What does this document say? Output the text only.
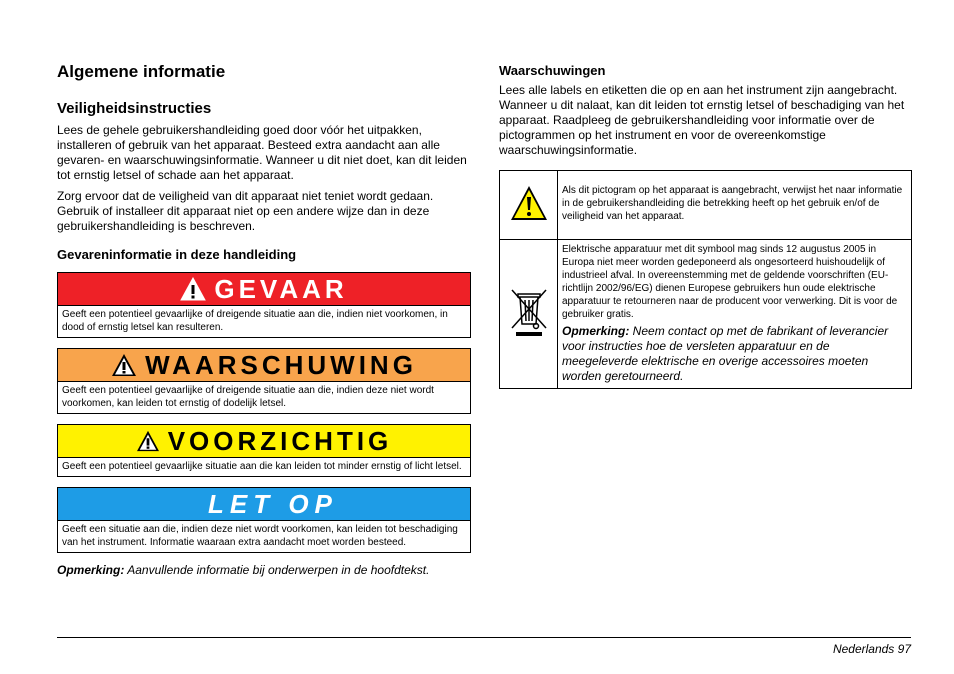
Algemene informatie
Veiligheidsinstructies

Lees de gehele gebruikershandleiding goed door vóór het uitpakken, installeren of gebruik van het apparaat. Besteed extra aandacht aan alle gevaren- en waarschuwingsinformatie. Wanneer u dit niet doet, kan dit leiden tot ernstig letsel of schade aan het apparaat.

Zorg ervoor dat de veiligheid van dit apparaat niet teniet wordt gedaan. Gebruik of installeer dit apparaat niet op een andere wijze dan in deze gebruikershandleiding is beschreven.

Gevareninformatie in deze handleiding
GEVAAR
Geeft een potentieel gevaarlijke of dreigende situatie aan die, indien niet voorkomen, in dood of ernstig letsel kan resulteren.
WAARSCHUWING
Geeft een potentieel gevaarlijke of dreigende situatie aan die, indien deze niet wordt voorkomen, kan leiden tot ernstig of dodelijk letsel.
VOORZICHTIG
Geeft een potentieel gevaarlijke situatie aan die kan leiden tot minder ernstig of licht letsel.
LET OP
Geeft een situatie aan die, indien deze niet wordt voorkomen, kan leiden tot beschadiging van het instrument. Informatie waaraan extra aandacht moet worden besteed.
Opmerking: Aanvullende informatie bij onderwerpen in de hoofdtekst.
Waarschuwingen

Lees alle labels en etiketten die op en aan het instrument zijn aangebracht. Wanneer u dit nalaat, kan dit leiden tot ernstig letsel of beschadiging van het apparaat. Raadpleeg de gebruikershandleiding voor informatie over de pictogrammen op het instrument en voor de overeenkomstige waarschuwingsinformatie.

	Als dit pictogram op het apparaat is aangebracht, verwijst het naar informatie in de gebruikershandleiding die betrekking heeft op het gebruik en/of de veiligheid van het apparaat.

Elektrische apparatuur met dit symbool mag sinds 12 augustus 2005 in Europa niet meer worden gedeponeerd als ongesorteerd huishoudelijk of industrieel afval. In overeenstemming met de geldende voorschriften (EU-richtlijn 2002/96/EG) dienen Europese gebruikers hun oude elektrische apparatuur te retourneren naar de producent voor verwerking. Dit is voor de gebruiker gratis.
Opmerking: Neem contact op met de fabrikant of leverancier voor instructies hoe de versleten apparatuur en de meegeleverde elektrische en overige accessoires moeten worden geretourneerd.
Nederlands 97
